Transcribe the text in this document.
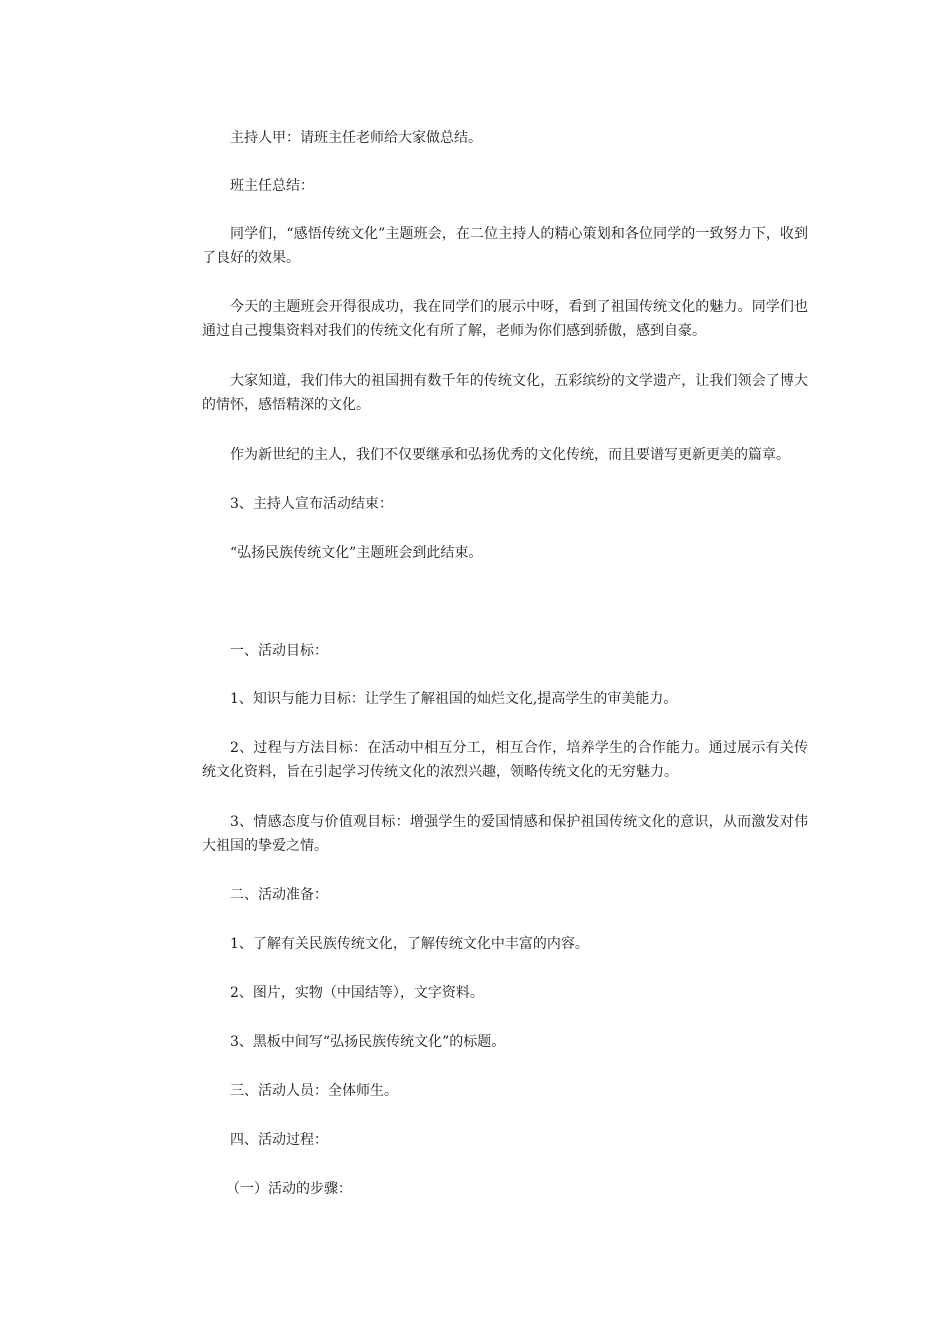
主持人甲：请班主任老师给大家做总结。

班主任总结：

同学们，“感悟传统文化”主题班会，在二位主持人的精心策划和各位同学的一致努力下，收到了良好的效果。

今天的主题班会开得很成功，我在同学们的展示中呀，看到了祖国传统文化的魅力。同学们也通过自己搜集资料对我们的传统文化有所了解，老师为你们感到骄傲，感到自豪。

大家知道，我们伟大的祖国拥有数千年的传统文化，五彩缤纷的文学遗产，让我们领会了博大的情怀，感悟精深的文化。

作为新世纪的主人，我们不仅要继承和弘扬优秀的文化传统，而且要谱写更新更美的篇章。

3、主持人宣布活动结束：

“弘扬民族传统文化”主题班会到此结束。

一、活动目标：

1、知识与能力目标：让学生了解祖国的灿烂文化,提高学生的审美能力。

2、过程与方法目标：在活动中相互分工，相互合作，培养学生的合作能力。通过展示有关传统文化资料，旨在引起学习传统文化的浓烈兴趣，领略传统文化的无穷魅力。

3、情感态度与价值观目标：增强学生的爱国情感和保护祖国传统文化的意识，从而激发对伟大祖国的挚爱之情。

二、活动准备：

1、了解有关民族传统文化，了解传统文化中丰富的内容。

2、图片，实物（中国结等），文字资料。

3、黑板中间写“弘扬民族传统文化”的标题。

三、活动人员：全体师生。

四、活动过程：

（一）活动的步骤：
